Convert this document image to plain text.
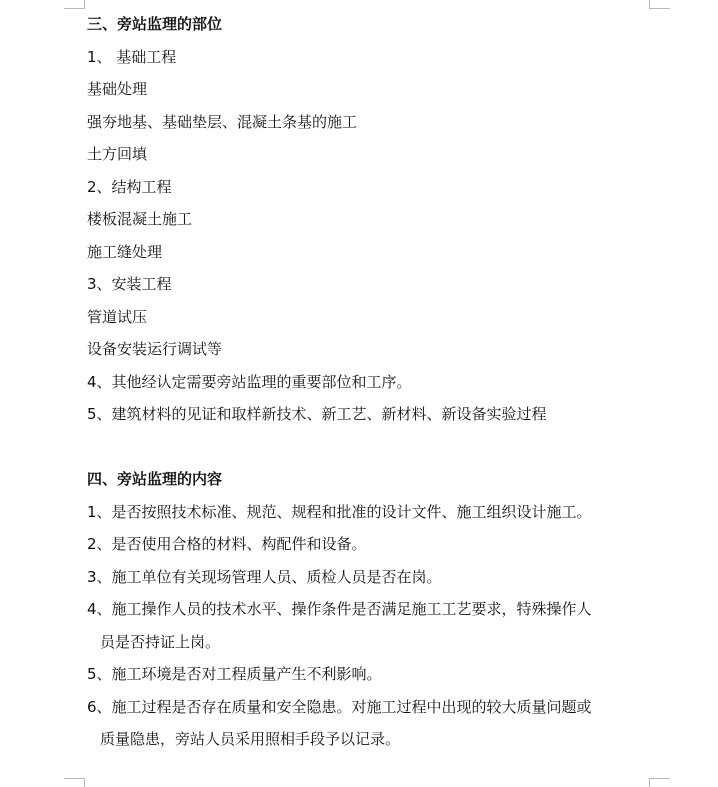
三、旁站监理的部位

1、 基础工程

基础处理

强夯地基、基础垫层、混凝土条基的施工

土方回填

2、结构工程

楼板混凝土施工

施工缝处理

3、安装工程

管道试压

设备安装运行调试等

4、其他经认定需要旁站监理的重要部位和工序。

5、建筑材料的见证和取样新技术、新工艺、新材料、新设备实验过程

四、旁站监理的内容

1、是否按照技术标准、规范、规程和批准的设计文件、施工组织设计施工。

2、是否使用合格的材料、构配件和设备。

3、施工单位有关现场管理人员、质检人员是否在岗。

4、施工操作人员的技术水平、操作条件是否满足施工工艺要求，特殊操作人

员是否持证上岗。

5、施工环境是否对工程质量产生不利影响。

6、施工过程是否存在质量和安全隐患。对施工过程中出现的较大质量问题或

质量隐患，旁站人员采用照相手段予以记录。
